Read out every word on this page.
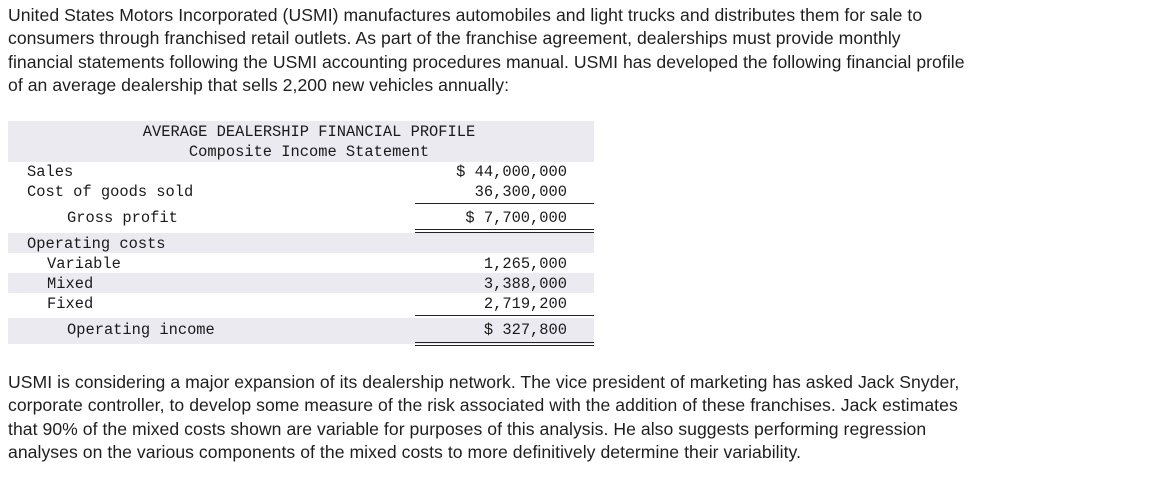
United States Motors Incorporated (USMI) manufactures automobiles and light trucks and distributes them for sale to
consumers through franchised retail outlets. As part of the franchise agreement, dealerships must provide monthly
financial statements following the USMI accounting procedures manual. USMI has developed the following financial profile
of an average dealership that sells 2,200 new vehicles annually:
AVERAGE DEALERSHIP FINANCIAL PROFILE
Composite Income Statement
Sales	$ 44,000,000
Cost of goods sold	36,300,000
Gross profit	$ 7,700,000
Operating costs
Variable	1,265,000
Mixed	3,388,000
Fixed	2,719,200
Operating income	$ 327,800
USMI is considering a major expansion of its dealership network. The vice president of marketing has asked Jack Snyder,
corporate controller, to develop some measure of the risk associated with the addition of these franchises. Jack estimates
that 90% of the mixed costs shown are variable for purposes of this analysis. He also suggests performing regression
analyses on the various components of the mixed costs to more definitively determine their variability.
